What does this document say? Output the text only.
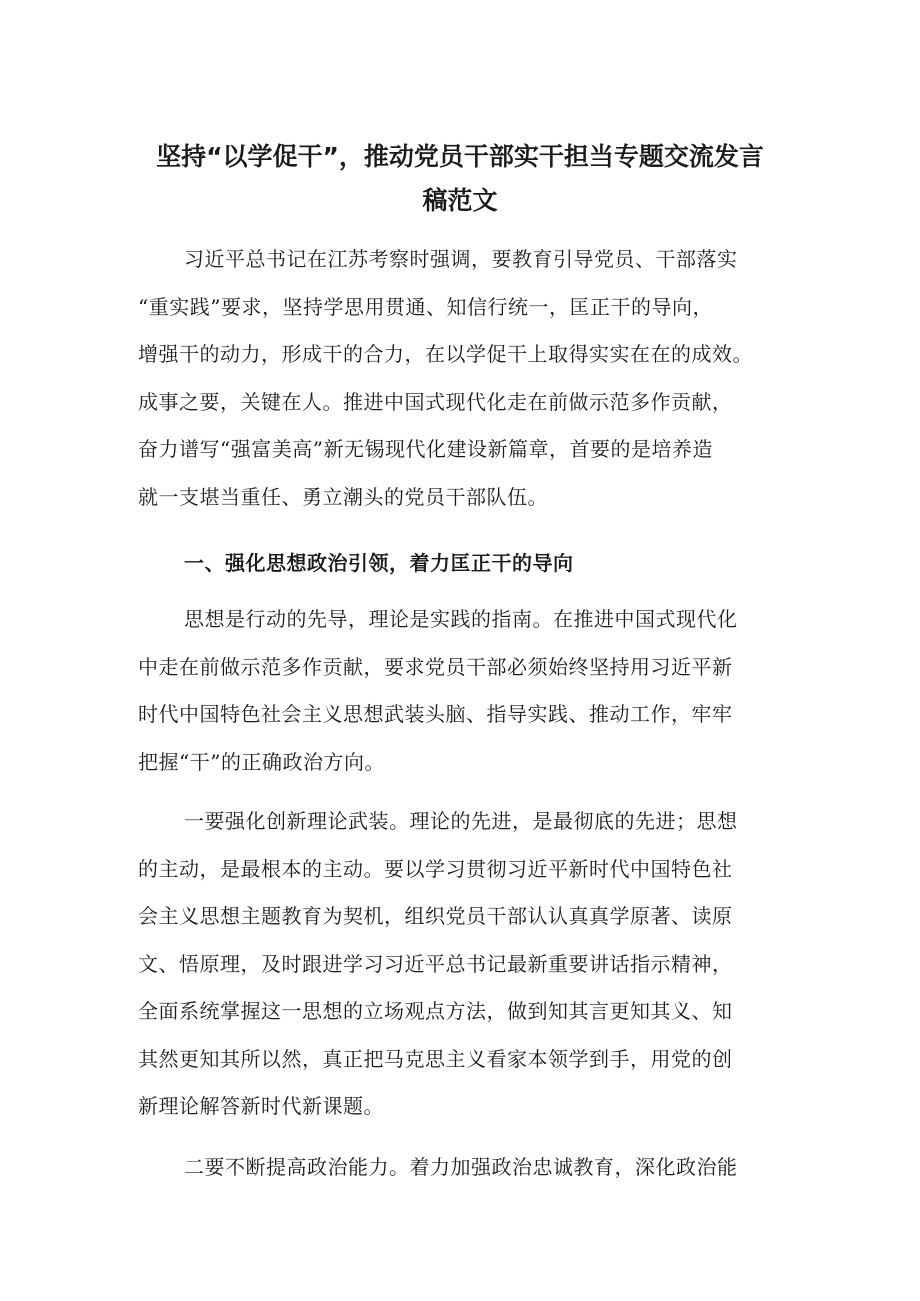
坚持“以学促干”，推动党员干部实干担当专题交流发言
稿范文
习近平总书记在江苏考察时强调，要教育引导党员、干部落实
“重实践”要求，坚持学思用贯通、知信行统一，匡正干的导向，
增强干的动力，形成干的合力，在以学促干上取得实实在在的成效。
成事之要，关键在人。推进中国式现代化走在前做示范多作贡献，
奋力谱写“强富美高”新无锡现代化建设新篇章，首要的是培养造
就一支堪当重任、勇立潮头的党员干部队伍。
一、强化思想政治引领，着力匡正干的导向
思想是行动的先导，理论是实践的指南。在推进中国式现代化
中走在前做示范多作贡献，要求党员干部必须始终坚持用习近平新
时代中国特色社会主义思想武装头脑、指导实践、推动工作，牢牢
把握“干”的正确政治方向。
一要强化创新理论武装。理论的先进，是最彻底的先进；思想
的主动，是最根本的主动。要以学习贯彻习近平新时代中国特色社
会主义思想主题教育为契机，组织党员干部认认真真学原著、读原
文、悟原理，及时跟进学习习近平总书记最新重要讲话指示精神，
全面系统掌握这一思想的立场观点方法，做到知其言更知其义、知
其然更知其所以然，真正把马克思主义看家本领学到手，用党的创
新理论解答新时代新课题。
二要不断提高政治能力。着力加强政治忠诚教育，深化政治能
